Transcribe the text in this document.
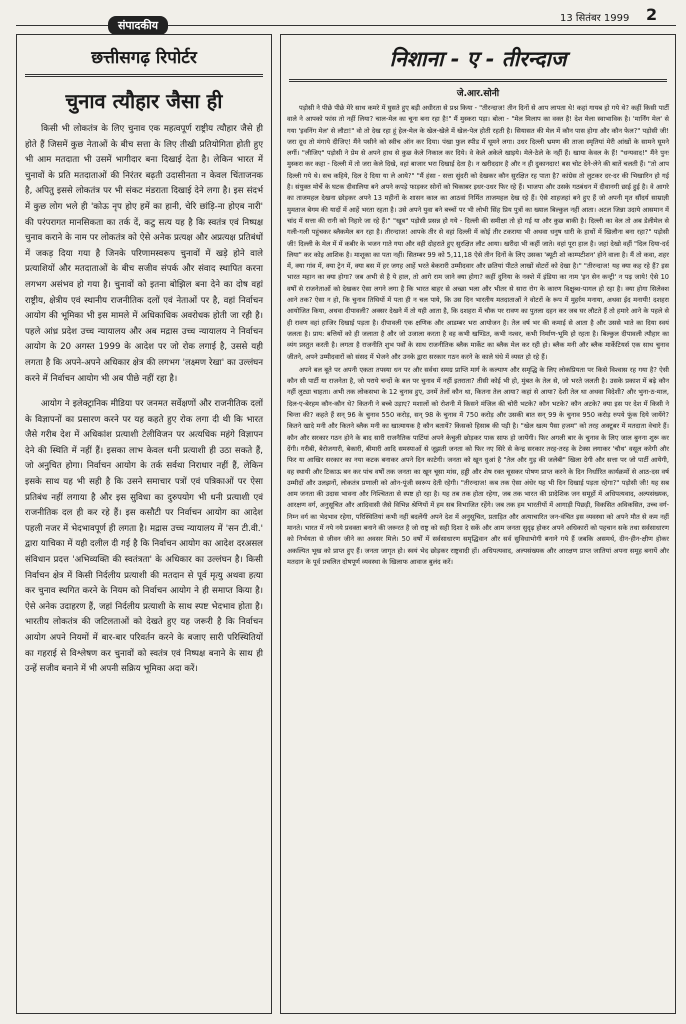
संपादकीय
13 सितंबर 1999 2
छत्तीसगढ़ रिपोर्टर
चुनाव त्यौहार जैसा ही

किसी भी लोकतंत्र के लिए चुनाव एक महत्वपूर्ण राष्ट्रीय त्यौहार जैसे ही होते हैं जिसमें कुछ नेताओं के बीच सत्ता के लिए तीखी प्रतियोगिता होती हुए भी आम मतदाता भी उसमें भागीदार बना दिखाई देता है। लेकिन भारत में चुनावों के प्रति मतदाताओं की निरंतर बढ़ती उदासीनता न केवल चिंताजनक है, अपितु इससे लोकतंत्र पर भी संकट मंडराता दिखाई देने लगा है। इस संदर्भ में कुछ लोग भले ही 'कोऊ नृप होए हमें का हानी, चेरि छांड़ि-ना होएब नारी' की परंपरागत मानसिकता का तर्क दें, कटु सत्य यह है कि स्वतंत्र एवं निष्पक्ष चुनाव कराने के नाम पर लोकतंत्र को ऐसे अनेक प्रत्यक्ष और अप्रत्यक्ष प्रतिबंधों में जकड़ दिया गया है जिनके परिणामस्वरूप चुनावों में खड़े होने वाले प्रत्याशियों और मतदाताओं के बीच सजीव संपर्क और संवाद स्थापित करना लगभग असंभव हो गया है। चुनावों को इतना बोझिल बना देने का दोष वहां राष्ट्रीय, क्षेत्रीय एवं स्थानीय राजनीतिक दलों एवं नेताओं पर है, वहां निर्वाचन आयोग की भूमिका भी इस मामले में अधिकाधिक अवरोधक होती जा रही है। पहले आंध्र प्रदेश उच्च न्यायालय और अब मद्रास उच्च न्यायालय ने निर्वाचन आयोग के 20 अगस्त 1999 के आदेश पर जो रोक लगाई है, उससे यही लगता है कि अपने-अपने अधिकार क्षेत्र की लगभग 'लक्ष्मण रेखा' का उल्लंघन करने में निर्वाचन आयोग भी अब पीछे नहीं रहा है।

आयोग ने इलेक्ट्रानिक मीडिया पर जनमत सर्वेक्षणों और राजनीतिक दलों के विज्ञापनों का प्रसारण करने पर यह कहते हुए रोक लगा दी थी कि भारत जैसे गरीब देश में अधिकांश प्रत्याशी टेलीविजन पर अत्यधिक महंगे विज्ञापन देने की स्थिति में नहीं हैं। इसका लाभ केवल धनी प्रत्याशी ही उठा सकते हैं, जो अनुचित होगा। निर्वाचन आयोग के तर्क सर्वथा निराधार नहीं हैं, लेकिन इसके साथ यह भी सही है कि उसने समाचार पत्रों एवं पत्रिकाओं पर ऐसा प्रतिबंध नहीं लगाया है और इस सुविधा का दुरुपयोग भी धनी प्रत्याशी एवं राजनीतिक दल ही कर रहे हैं। इस कसौटी पर निर्वाचन आयोग का आदेश पहली नजर में भेदभावपूर्ण ही लगता है। मद्रास उच्च न्यायालय में 'सन टी.वी.' द्वारा याचिका में यही दलील दी गई है कि निर्वाचन आयोग का आदेश दरअसल संविधान प्रदत्त 'अभिव्यक्ति की स्वतंत्रता' के अधिकार का उल्लंघन है। किसी निर्वाचन क्षेत्र में किसी निर्दलीय प्रत्याशी की मतदान से पूर्व मृत्यु अथवा हत्या कर चुनाव स्थगित करने के नियम को निर्वाचन आयोग ने ही समाप्त किया है। ऐसे अनेक उदाहरण हैं, जहां निर्दलीय प्रत्याशी के साथ स्पष्ट भेदभाव होता है। भारतीय लोकतंत्र की जटिलताओं को देखते हुए यह जरूरी है कि निर्वाचन आयोग अपने नियमों में बार-बार परिवर्तन करने के बजाए सारी परिस्थितियों का गहराई से विश्लेषण कर चुनावों को स्वतंत्र एवं निष्पक्ष बनाने के साथ ही उन्हें सजीव बनाने में भी अपनी सक्रिय भूमिका अदा करें।

निशाना - ए - तीरन्दाज
जे.आर.सोनी

पड़ोसी ने पीछे पीछे मेरे साथ कमरे में घुसते हुए बड़ी अधीरता से प्रश्न किया - "तीरन्दाज! तीन दिनों से आप लापता थे! कहां गायब हो गये थे? कहीं किसी पार्टी वाले ने आपको फांस तो नहीं लिया? चाल-मेल का चूना बना रहा है!" मैं मुस्करा पड़ा। बोला - "मेल मिलाप का वक्त है! देश मेला स्वाभाविक है। 'मार्निंग मेल' से गया 'इवनिंग मेल' से लौटा!" वो तो देख रहा हूं हेल-मेल के खेल-खेले में खेल-पेल होती रहती है। सियासत की मेल में कौन पास होगा और कौन फेल?" पड़ोसी जी! जरा दूध तो मंगाये दीजिए! मैंने पसीने को स्वीच ऑन कर दिया। पंखा फुल स्पीड में घूमने लगा। उधर दिल्ली भ्रमण की ताजा स्मृतियां मेरी आंखों के सामने घूमने लगीं। "लीजिए" पड़ोसी ने प्रेम से अपने हाथ से कुछ केले निकाल कर दिये। वे केले अकेले खाइये। मेले-ठेले के नहीं हैं। खाया केवल के हैं! "धन्यवाद!" मैंने पुनः मुस्करा कर कहा - दिल्ली में तो जरा केले दिखे, वहां बाजार भरा दिखाई देता है। न खरीददार है और न ही दुकानदार! बस चोट देने-लेने की बातें चलती हैं। "तो आप दिल्ली गये थे। सच कहिये, दिल दे दिया या ले आये?" "मैं हंसा - सत्ता सुंदरी को देखकर कौन सुरक्षित रह पाता है? कांग्रेस तो लुटकर दर-दर की भिखारिन हो गई है। संयुक्त मोर्चे के घटक दीवालिया बने अपने कपड़े फाड़कर सोनों को चिकाबर इधर-उधर फिर रहे हैं। भाजपा और उसके गठबंधन में दीवानगी छाई हुई है। वे आगरे का ताजमहल देखना छोड़कर अपने 13 महीनों के शासन काल का आठवां निर्मित ताजमहल देख रहे हैं। ऐसे शाहजहां बने हुए हैं जो अपनी मृत सौंदर्य साम्राज्ञी मुमताज बेगम की यादों में आहें भरता रहता है। उसे अपने युवा बने बच्चों पर भी लोभी सिंह प्रिय पुत्रों का ख्याल बिल्कुल नहीं आता। अटल जिन्ना उदाये आसमान में चांद में सत्ता की रानी को निहारे जा रहे हैं।" "खूब" पड़ोसी प्रसन्न हो गये - दिल्ली की समीक्षा तो हो गई या और कुछ बाकी है। दिल्ली का वेल तो अब डेलीमेल से गली-गली पहुंचकर ब्लैकमेल बन रहा है। तीरन्दाज! आपके तीर से वहां दिल्ली में कोई तीर टकराया भी अथवा धनुष धारी के हाथों में खिलौना बना रहा?" पड़ोसी जी! दिल्ली के मेल में में कबीर के भजन गाते गया और वही दोहराते हुए सुरक्षित लौट आया। खरीदा भी कहीं जाते। वहां पूरा हाल है। जहां देखो वहीं "दिल दिया-दर्द लिया" कर कोइ आशिक है। माशूका का पता नहीं। सितम्बर 99 को 5,11,18 ऐसे तीन दिनों के लिए उसका 'ब्यूटी शो काम्पटीशन' होने वाला है। मैं तो कवा, शहर में, क्या गांव में, क्या ट्रेन में, क्या बस में हर जगह आहें भरते बेकरारी उम्मीदवार और छतियां पीटते लाखों वोटरों को देखा है।" "तीरन्दाज! यह क्या कह रहे हैं? इस भारत महान का क्या होगा? जब अभी से है ये हाल, तो आगे राम जाने क्या होगा? कहीं दुनिया के नक्शे में इंडिया का नाम 'इन सेन कन्ट्री' न पढ़ जाये! ऐसे 10 वर्षों से राजनेताओं को देखकर ऐसा लगने लगा है कि भारत बाहर से अच्छा भला और भीतर से सारा रोग के कारण विक्षुब्ध-पागल हो रहा है। क्या होगा सिलेक्श आने तक? ऐसा न हो, कि चुनाव तिथियों में पता ही न चल पाये, कि उस दिन भारतीय मतदाताओं ने वोटरों के रूप में मुहर्रम मनाया, अथवा ईद मनायी! दशहरा आयोजित किया, अथवा दीपावली? अक्सर देखने में तो यही आता है, कि दशहरा में चौक पर रावण का पुतला दहन कर जब घर लौटते हैं तो हमारे आने के पहले से ही रावण वहां हाजिर दिखाई पड़ता है। दीपावली एक क्षणिक और आडम्बर भरा आयोजन है। तेल वर्ष भर की कमाई से आता है और उससे भाते का दिया स्वयं जलता है। प्राय: बत्तियों को ही जलाता है और जो उजाला करता है वह कभी खण्डित, कभी नश्वर, कभी निर्माण-भूमि हो रहता है। बिल्कुल दीपावली त्यौहार का व्यंग प्रस्तुत करती है। लगता है राजनीति शुभ पर्वों के साथ राजनीतिक ब्लैक मार्केट का ब्लैक मेल कर रही हो। ब्लैक मनी और ब्लैक मार्केटियर्स एक साथ चुनाव जीतने, अपने उम्मीदवारों को संसद में भेजने और उनके द्वारा सरकार गठन करने के काले घंधे में व्यस्त हो रहे हैं।

अपने बल बूते पर अपनी एकता तपस्या धन पर और सर्वथा समग्र प्राप्ति मार्ग के कल्याण और समृद्धि के लिए लोकप्रियता पर किसे विश्वास रह गया है? ऐसी कौन सी पार्टी या राजनेता है, जो पराये चन्दों के बल पर चुनाव में नहीं इतराता? तीसी कोई भी हो, मुंबत के तेल से, जो भरते जलती है। उसके प्रकाश में बढ़े कौन नहीं लुट्या चाहता। अभी तक लोकसभा के 12 चुनाव हुए, उनमें तेलों कौन था, कितना तेल आया? कहां से आया? देशी तेल था अथवा विदेशी? और भुना-ठ-माल, दिल-ए-बेरहम कौन-कौन थे? कितनी ने बच्चे उड़ाए? मशालों को रोशनी में किसने मंजिल की चोरी भटके? कौन भटके? कौन अटके? क्या इस पर देश में किसी ने चिन्ता की? कहते हैं सन् 96 के चुनाव 550 करोड़, सन् 98 के चुनाव में 750 करोड़ और उसकी बात सन् 99 के चुनाव 950 करोड़ रुपये फूंक दिये जायेंगे? कितने खादे मनी और कितने ब्लैक मनी का खात्मायक है कौन बतायें? किसको हिसाब की पड़ी है। "खेल खत्म पैसा हजम" को तरह अक्टूबर में मतदाता वेचारे हैं। कौन और सरकार गठन होने के बाद सारी राजनैतिक पार्टियां अपने केचुली छोड़कर पाक साफ हो जायेंगी। फिर अगली बार के चुनाव के लिए जाल बुनना शुरू कर देंगी। गरीबी, बेरोजगारी, बेकारी, बीमारी आदि समस्याओं से जूझती जनता को फिर नए सिरे से केन्द्र सरकार तरह-तरह के टेक्स लगाकर 'चौथ' वसूल करेगी और फिर या आखिर सरकार का नया कटक बनाकर अपने दिन काटेगी। जनता को खून धुआं है "तेल और गुड़ की जलेबी" खिला देगी और सत्ता पर जो पार्टी आयेगी, वह स्थायी और टिकाऊ बन कर पांच वर्षों तक जनता का खून चूसा मांस, हड्डी और शेष रक्त चूसकर पोषण प्राप्त करने के दिन निर्धारित कार्यक्रमों से आठ-दस वर्ष उम्मीदों और उलझनों, लोकतंत्र प्रणाली को ओन-पूंजी स्वरूप देती रहेगी। "तीरन्दाज! कब तक ऐसा अंधेर यह भी दिन दिखाई पड़ता रहेगा?" पड़ोसी जी! यह सब आम जनता की उदास भावना और निश्चितता से स्पष्ट हो रहा है। यह तब तक होता रहेगा, जब तक भारत की प्रादेशिक जन समूहों में अधिपत्यवाद, अल्पसंख्यक, आरक्षण वर्ग, अनुसूचित और आदिवासी जैसे विभिन्न श्रेणियों में हम सब विभाजित रहेंगे। जब तक हम भारतीयों में आगाड़ी पिछड़ी, विकसित अविकसित, उच्च वर्ग-निम्न वर्ग का भेदभाव रहेगा, परिस्थितियां कभी नहीं बदलेंगी अपने देश में अनुसूचित, प्रताड़ित और अत्याचारित जन-वंचित इस व्यवस्था को अपने मौत से कम नहीं मानते। भारत में नये नये प्रवक्ता बनाने की जरूरत है जो राष्ट्र को सही दिशा दे सकें और आम जनता सुदृढ़ होकर अपने अधिकारों को पहचान सके तथा सर्वसाधारण को निर्भयता से जीवन जीने का अवसर मिले। 50 वर्षों में सर्वसाधारण समृद्धिवान और सर्व सुविधाभोगी बनाने गये हैं जबकि असमर्थ, दीन-हीन-क्षीण होकर अकल्पित भूख को प्राप्त हुए हैं। जनता जागृत हो। स्वयं भेद छोड़कर राष्ट्रवादी हों। अधिपत्यवाद, अल्पसंख्यक और आरक्षण प्राप्त जातियां अपना समूह बनायें और मतदान के पूर्व प्रचलित दोषपूर्ण व्यवस्था के खिलाफ आवाज बुलंद करें।
